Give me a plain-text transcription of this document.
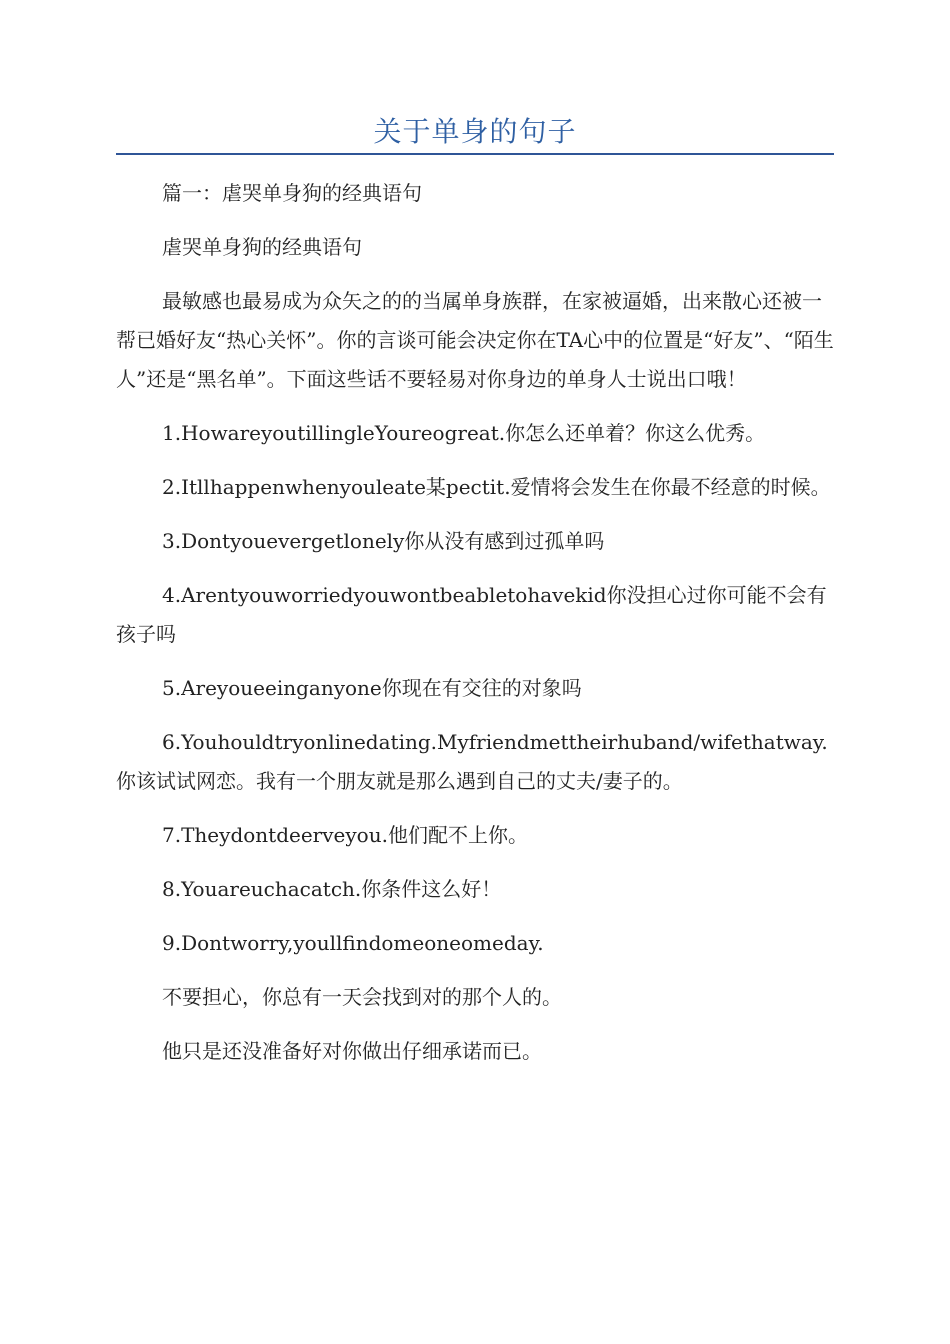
关于单身的句子

篇一：虐哭单身狗的经典语句

虐哭单身狗的经典语句

最敏感也最易成为众矢之的的当属单身族群，在家被逼婚，出来散心还被一帮已婚好友“热心关怀”。你的言谈可能会决定你在TA心中的位置是“好友”、“陌生人”还是“黑名单”。下面这些话不要轻易对你身边的单身人士说出口哦！

1.HowareyoutillingleYoureogreat.你怎么还单着？你这么优秀。

2.Itllhappenwhenyouleate某pectit.爱情将会发生在你最不经意的时候。

3.Dontyouevergetlonely你从没有感到过孤单吗

4.Arentyouworriedyouwontbeabletohavekid你没担心过你可能不会有孩子吗

5.Areyoueeinganyone你现在有交往的对象吗

6.Youhouldtryonlinedating.Myfriendmettheirhuband/wifethatway.你该试试网恋。我有一个朋友就是那么遇到自己的丈夫/妻子的。

7.Theydontdeerveyou.他们配不上你。

8.Youareuchacatch.你条件这么好！

9.Dontworry,youllfindomeoneomeday.

不要担心，你总有一天会找到对的那个人的。

他只是还没准备好对你做出仔细承诺而已。
